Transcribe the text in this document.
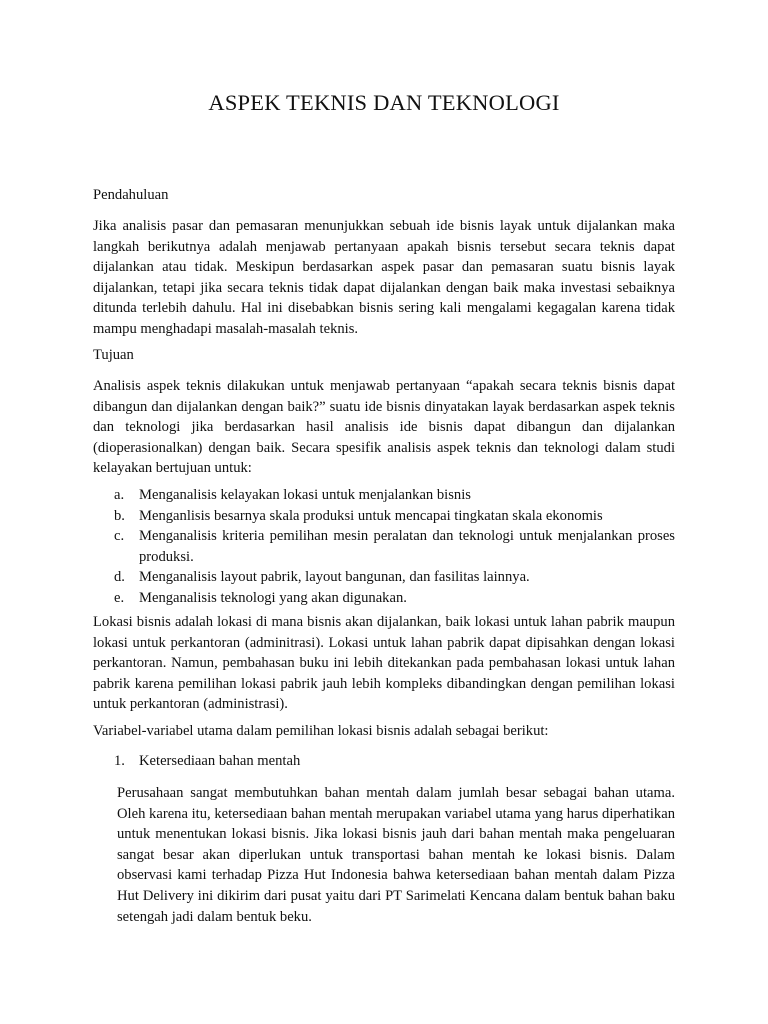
ASPEK TEKNIS DAN TEKNOLOGI

Pendahuluan

Jika analisis pasar dan pemasaran menunjukkan sebuah ide bisnis layak untuk dijalankan maka langkah berikutnya adalah menjawab pertanyaan apakah bisnis tersebut secara teknis dapat dijalankan atau tidak. Meskipun berdasarkan aspek pasar dan pemasaran suatu bisnis layak dijalankan, tetapi jika secara teknis tidak dapat dijalankan dengan baik maka investasi sebaiknya ditunda terlebih dahulu. Hal ini disebabkan bisnis sering kali mengalami kegagalan karena tidak mampu menghadapi masalah-masalah teknis.

Tujuan

Analisis aspek teknis dilakukan untuk menjawab pertanyaan “apakah secara teknis bisnis dapat dibangun dan dijalankan dengan baik?” suatu ide bisnis dinyatakan layak berdasarkan aspek teknis dan teknologi jika berdasarkan hasil analisis ide bisnis dapat dibangun dan dijalankan (dioperasionalkan) dengan baik. Secara spesifik analisis aspek teknis dan teknologi dalam studi kelayakan bertujuan untuk:

a. Menganalisis kelayakan lokasi untuk menjalankan bisnis
b. Menganlisis besarnya skala produksi untuk mencapai tingkatan skala ekonomis
c. Menganalisis kriteria pemilihan mesin peralatan dan teknologi untuk menjalankan proses produksi.
d. Menganalisis layout pabrik, layout bangunan, dan fasilitas lainnya.
e. Menganalisis teknologi yang akan digunakan.

Lokasi bisnis adalah lokasi di mana bisnis akan dijalankan, baik lokasi untuk lahan pabrik maupun lokasi untuk perkantoran (adminitrasi). Lokasi untuk lahan pabrik dapat dipisahkan dengan lokasi perkantoran. Namun, pembahasan buku ini lebih ditekankan pada pembahasan lokasi untuk lahan pabrik karena pemilihan lokasi pabrik jauh lebih kompleks dibandingkan dengan pemilihan lokasi untuk perkantoran (administrasi).

Variabel-variabel utama dalam pemilihan lokasi bisnis adalah sebagai berikut:

1. Ketersediaan bahan mentah

Perusahaan sangat membutuhkan bahan mentah dalam jumlah besar sebagai bahan utama. Oleh karena itu, ketersediaan bahan mentah merupakan variabel utama yang harus diperhatikan untuk menentukan lokasi bisnis. Jika lokasi bisnis jauh dari bahan mentah maka pengeluaran sangat besar akan diperlukan untuk transportasi bahan mentah ke lokasi bisnis. Dalam observasi kami terhadap Pizza Hut Indonesia bahwa ketersediaan bahan mentah dalam Pizza Hut Delivery ini dikirim dari pusat yaitu dari PT Sarimelati Kencana dalam bentuk bahan baku setengah jadi dalam bentuk beku.
